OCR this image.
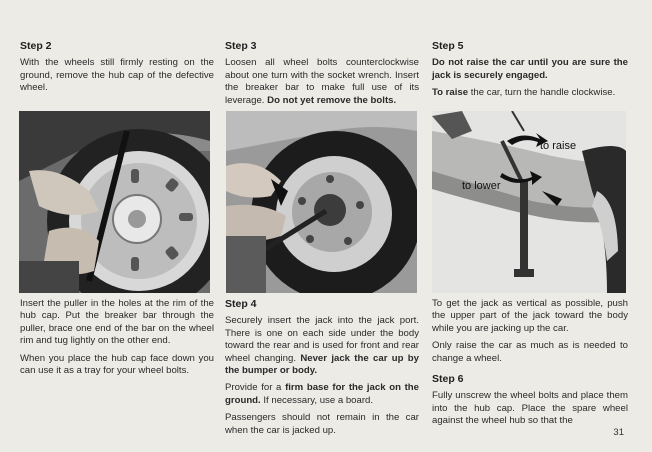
Step 2

With the wheels still firmly resting on the ground, remove the hub cap of the defective wheel.

Insert the puller in the holes at the rim of the hub cap. Put the breaker bar through the puller, brace one end of the bar on the wheel rim and tug lightly on the other end.

When you place the hub cap face down you can use it as a tray for your wheel bolts.

Step 3

Loosen all wheel bolts counterclockwise about one turn with the socket wrench. Insert the breaker bar to make full use of its leverage. Do not yet remove the bolts.

Step 4

Securely insert the jack into the jack port. There is one on each side under the body toward the rear and is used for front and rear wheel changing. Never jack the car up by the bumper or body.

Provide for a firm base for the jack on the ground. If necessary, use a board.

Passengers should not remain in the car when the car is jacked up.

Step 5

Do not raise the car until you are sure the jack is securely engaged.

To raise the car, turn the handle clockwise.

to raise
to lower

To get the jack as vertical as possible, push the upper part of the jack toward the body while you are jacking up the car.

Only raise the car as much as is needed to change a wheel.

Step 6

Fully unscrew the wheel bolts and place them into the hub cap. Place the spare wheel against the wheel hub so that the

31
